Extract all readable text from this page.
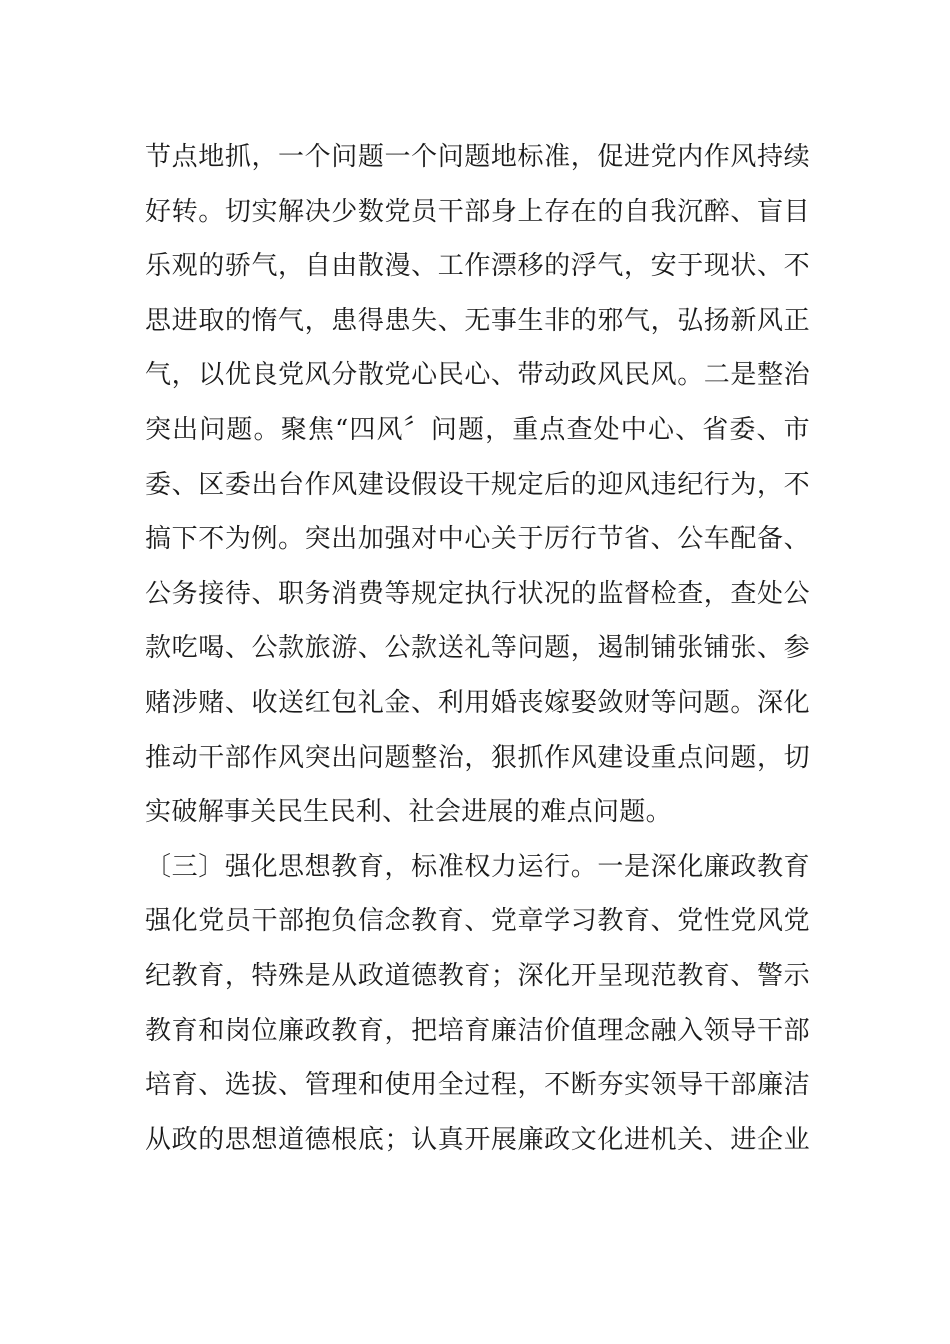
节点地抓，一个问题一个问题地标准，促进党内作风持续
好转。切实解决少数党员干部身上存在的自我沉醉、盲目
乐观的骄气，自由散漫、工作漂移的浮气，安于现状、不
思进取的惰气，患得患失、无事生非的邪气，弘扬新风正
气，以优良党风分散党心民心、带动政风民风。二是整治
突出问题。聚焦“四风〞问题，重点查处中心、省委、市
委、区委出台作风建设假设干规定后的迎风违纪行为，不
搞下不为例。突出加强对中心关于厉行节省、公车配备、
公务接待、职务消费等规定执行状况的监督检查，查处公
款吃喝、公款旅游、公款送礼等问题，遏制铺张铺张、参
赌涉赌、收送红包礼金、利用婚丧嫁娶敛财等问题。深化
推动干部作风突出问题整治，狠抓作风建设重点问题，切
实破解事关民生民利、社会进展的难点问题。
〔三〕强化思想教育，标准权力运行。一是深化廉政教育
强化党员干部抱负信念教育、党章学习教育、党性党风党
纪教育，特殊是从政道德教育；深化开呈现范教育、警示
教育和岗位廉政教育，把培育廉洁价值理念融入领导干部
培育、选拔、管理和使用全过程，不断夯实领导干部廉洁
从政的思想道德根底；认真开展廉政文化进机关、进企业
